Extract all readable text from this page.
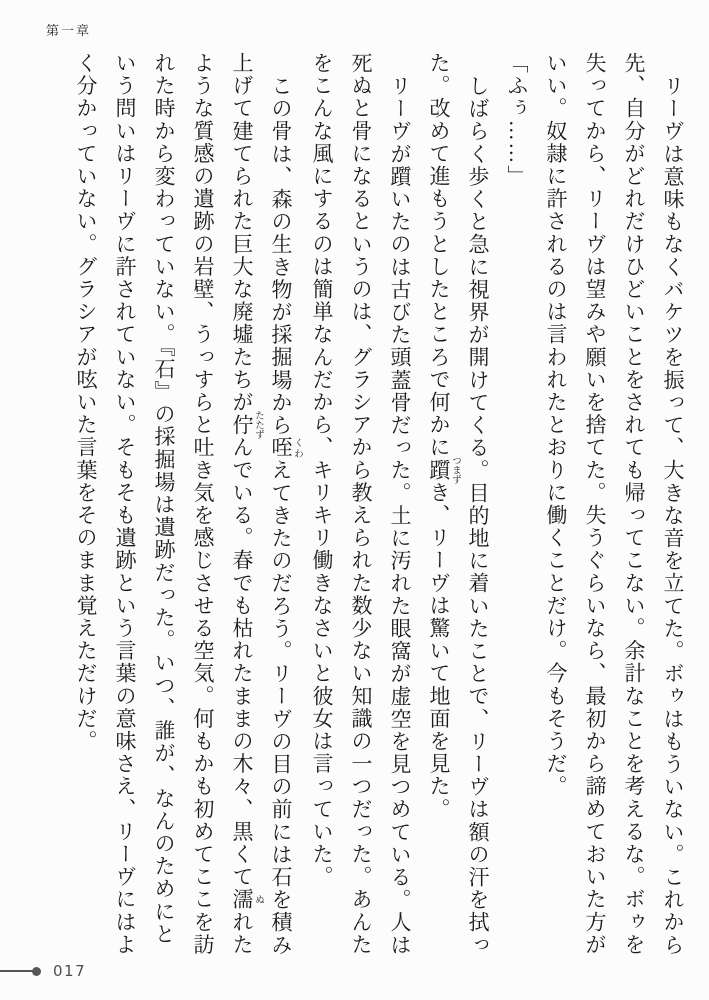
第一章

リーヴは意味もなくバケツを振って、大きな音を立てた。ボゥはもういない。これから先、自分がどれだけひどいことをされても帰ってこない。余計なことを考えるな。ボゥを失ってから、リーヴは望みや願いを捨てた。失うぐらいなら、最初から諦めておいた方がいい。奴隷に許されるのは言われたとおりに働くことだけ。今もそうだ。

「ふぅ……」

しばらく歩くと急に視界が開けてくる。目的地に着いたことで、リーヴは額の汗を拭った。改めて進もうとしたところで何かに躓 つまずき、リーヴは驚いて地面を見た。

リーヴが躓いたのは古びた頭蓋骨だった。土に汚れた眼窩が虚空を見つめている。人は死ぬと骨になるというのは、グラシアから教えられた数少ない知識の一つだった。あんたをこんな風にするのは簡単なんだから、キリキリ働きなさいと彼女は言っていた。

この骨は、森の生き物が採掘場から咥 くわえてきたのだろう。リーヴの目の前には石を積み上げて建てられた巨大な廃墟たちが佇 たたずんでいる。春でも枯れたままの木々、黒くて濡 ぬれたような質感の遺跡の岩壁、うっすらと吐き気を感じさせる空気。何もかも初めてここを訪れた時から変わっていない。『石』の採掘場は遺跡だった。いつ、誰が、なんのためにという問いはリーヴに許されていない。そもそも遺跡という言葉の意味さえ、リーヴにはよく分かっていない。グラシアが呟いた言葉をそのまま覚えただけだ。

017
